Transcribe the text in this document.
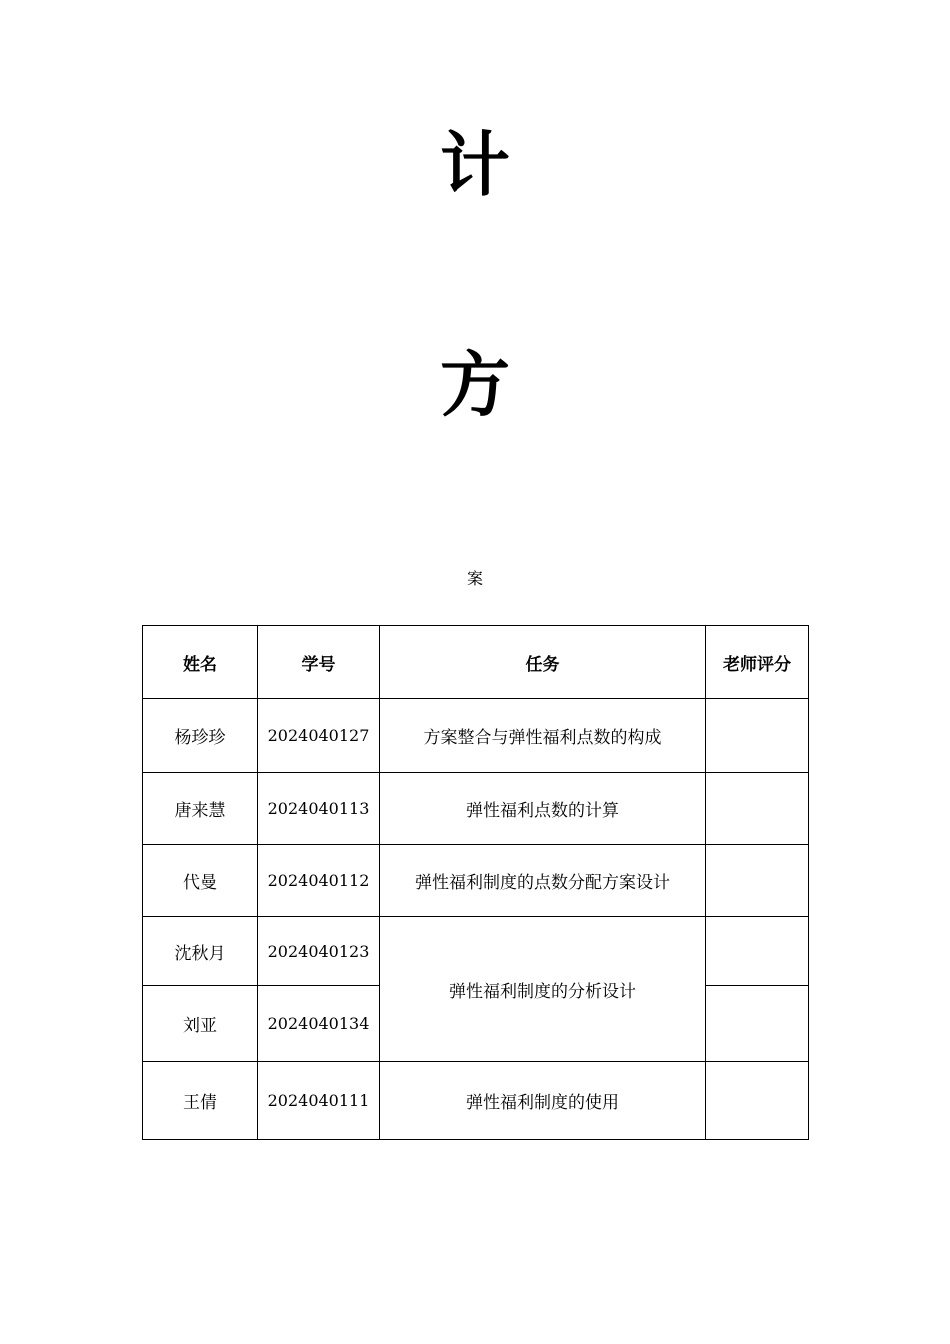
计
方
案
姓名	学号	任务	老师评分
杨珍珍	2024040127	方案整合与弹性福利点数的构成	
唐来慧	2024040113	弹性福利点数的计算	
代曼	2024040112	弹性福利制度的点数分配方案设计	
沈秋月	2024040123	弹性福利制度的分析设计	
刘亚	2024040134		
王倩	2024040111	弹性福利制度的使用	
